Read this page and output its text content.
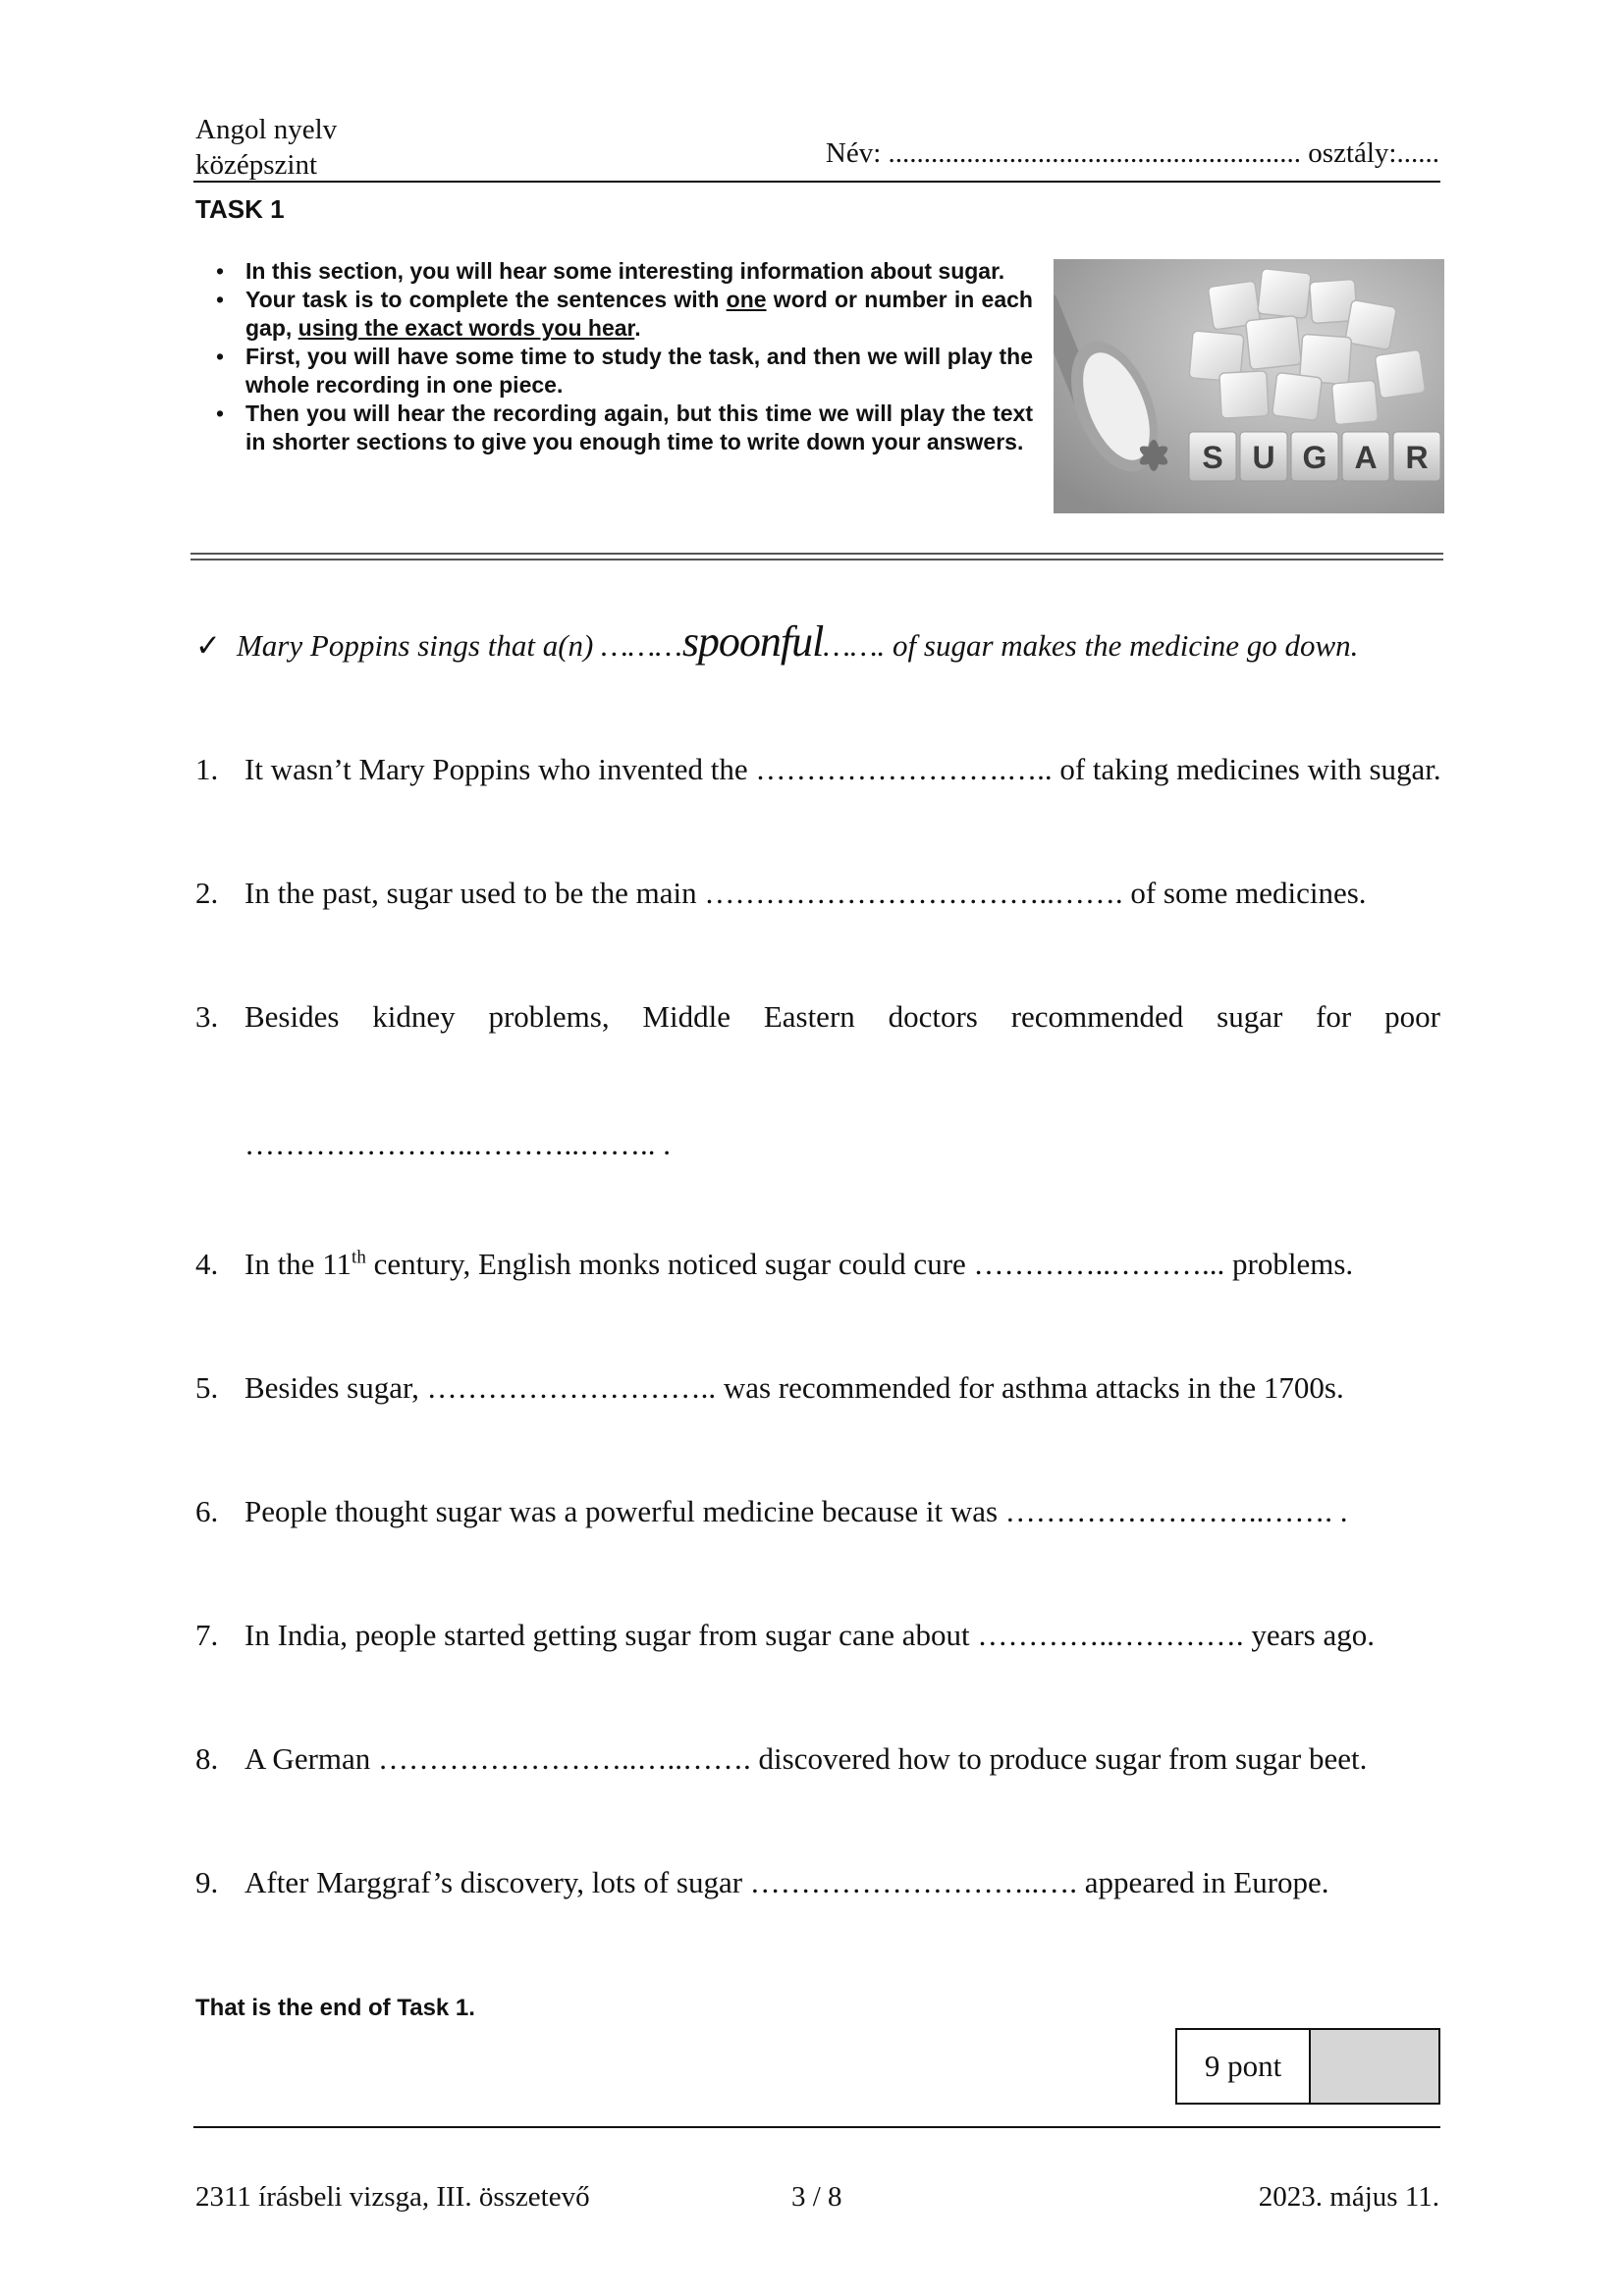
Angol nyelv
középszint	Név: .......................................................... osztály:......
TASK 1
• In this section, you will hear some interesting information about sugar.
• Your task is to complete the sentences with one word or number in each gap, using the exact words you hear.
• First, you will have some time to study the task, and then we will play the whole recording in one piece.
• Then you will hear the recording again, but this time we will play the text in shorter sections to give you enough time to write down your answers.	S U G A R
✓ Mary Poppins sings that a(n) ………spoonful……. of sugar makes the medicine go down.
1. It wasn’t Mary Poppins who invented the …………………….….. of taking medicines with sugar.
2. In the past, sugar used to be the main ……………………………..……. of some medicines.
3. Besides kidney problems, Middle Eastern doctors recommended sugar for poor
…………………..………..…….. .
4. In the 11th century, English monks noticed sugar could cure …………..………... problems.
5. Besides sugar, ……………………….. was recommended for asthma attacks in the 1700s.
6. People thought sugar was a powerful medicine because it was ……………………..……. .
7. In India, people started getting sugar from sugar cane about …………..…………. years ago.
8. A German ……………………..…..……. discovered how to produce sugar from sugar beet.
9. After Marggraf’s discovery, lots of sugar ………………………..…. appeared in Europe.
That is the end of Task 1.
9 pont
2311 írásbeli vizsga, III. összetevő	3 / 8	2023. május 11.
